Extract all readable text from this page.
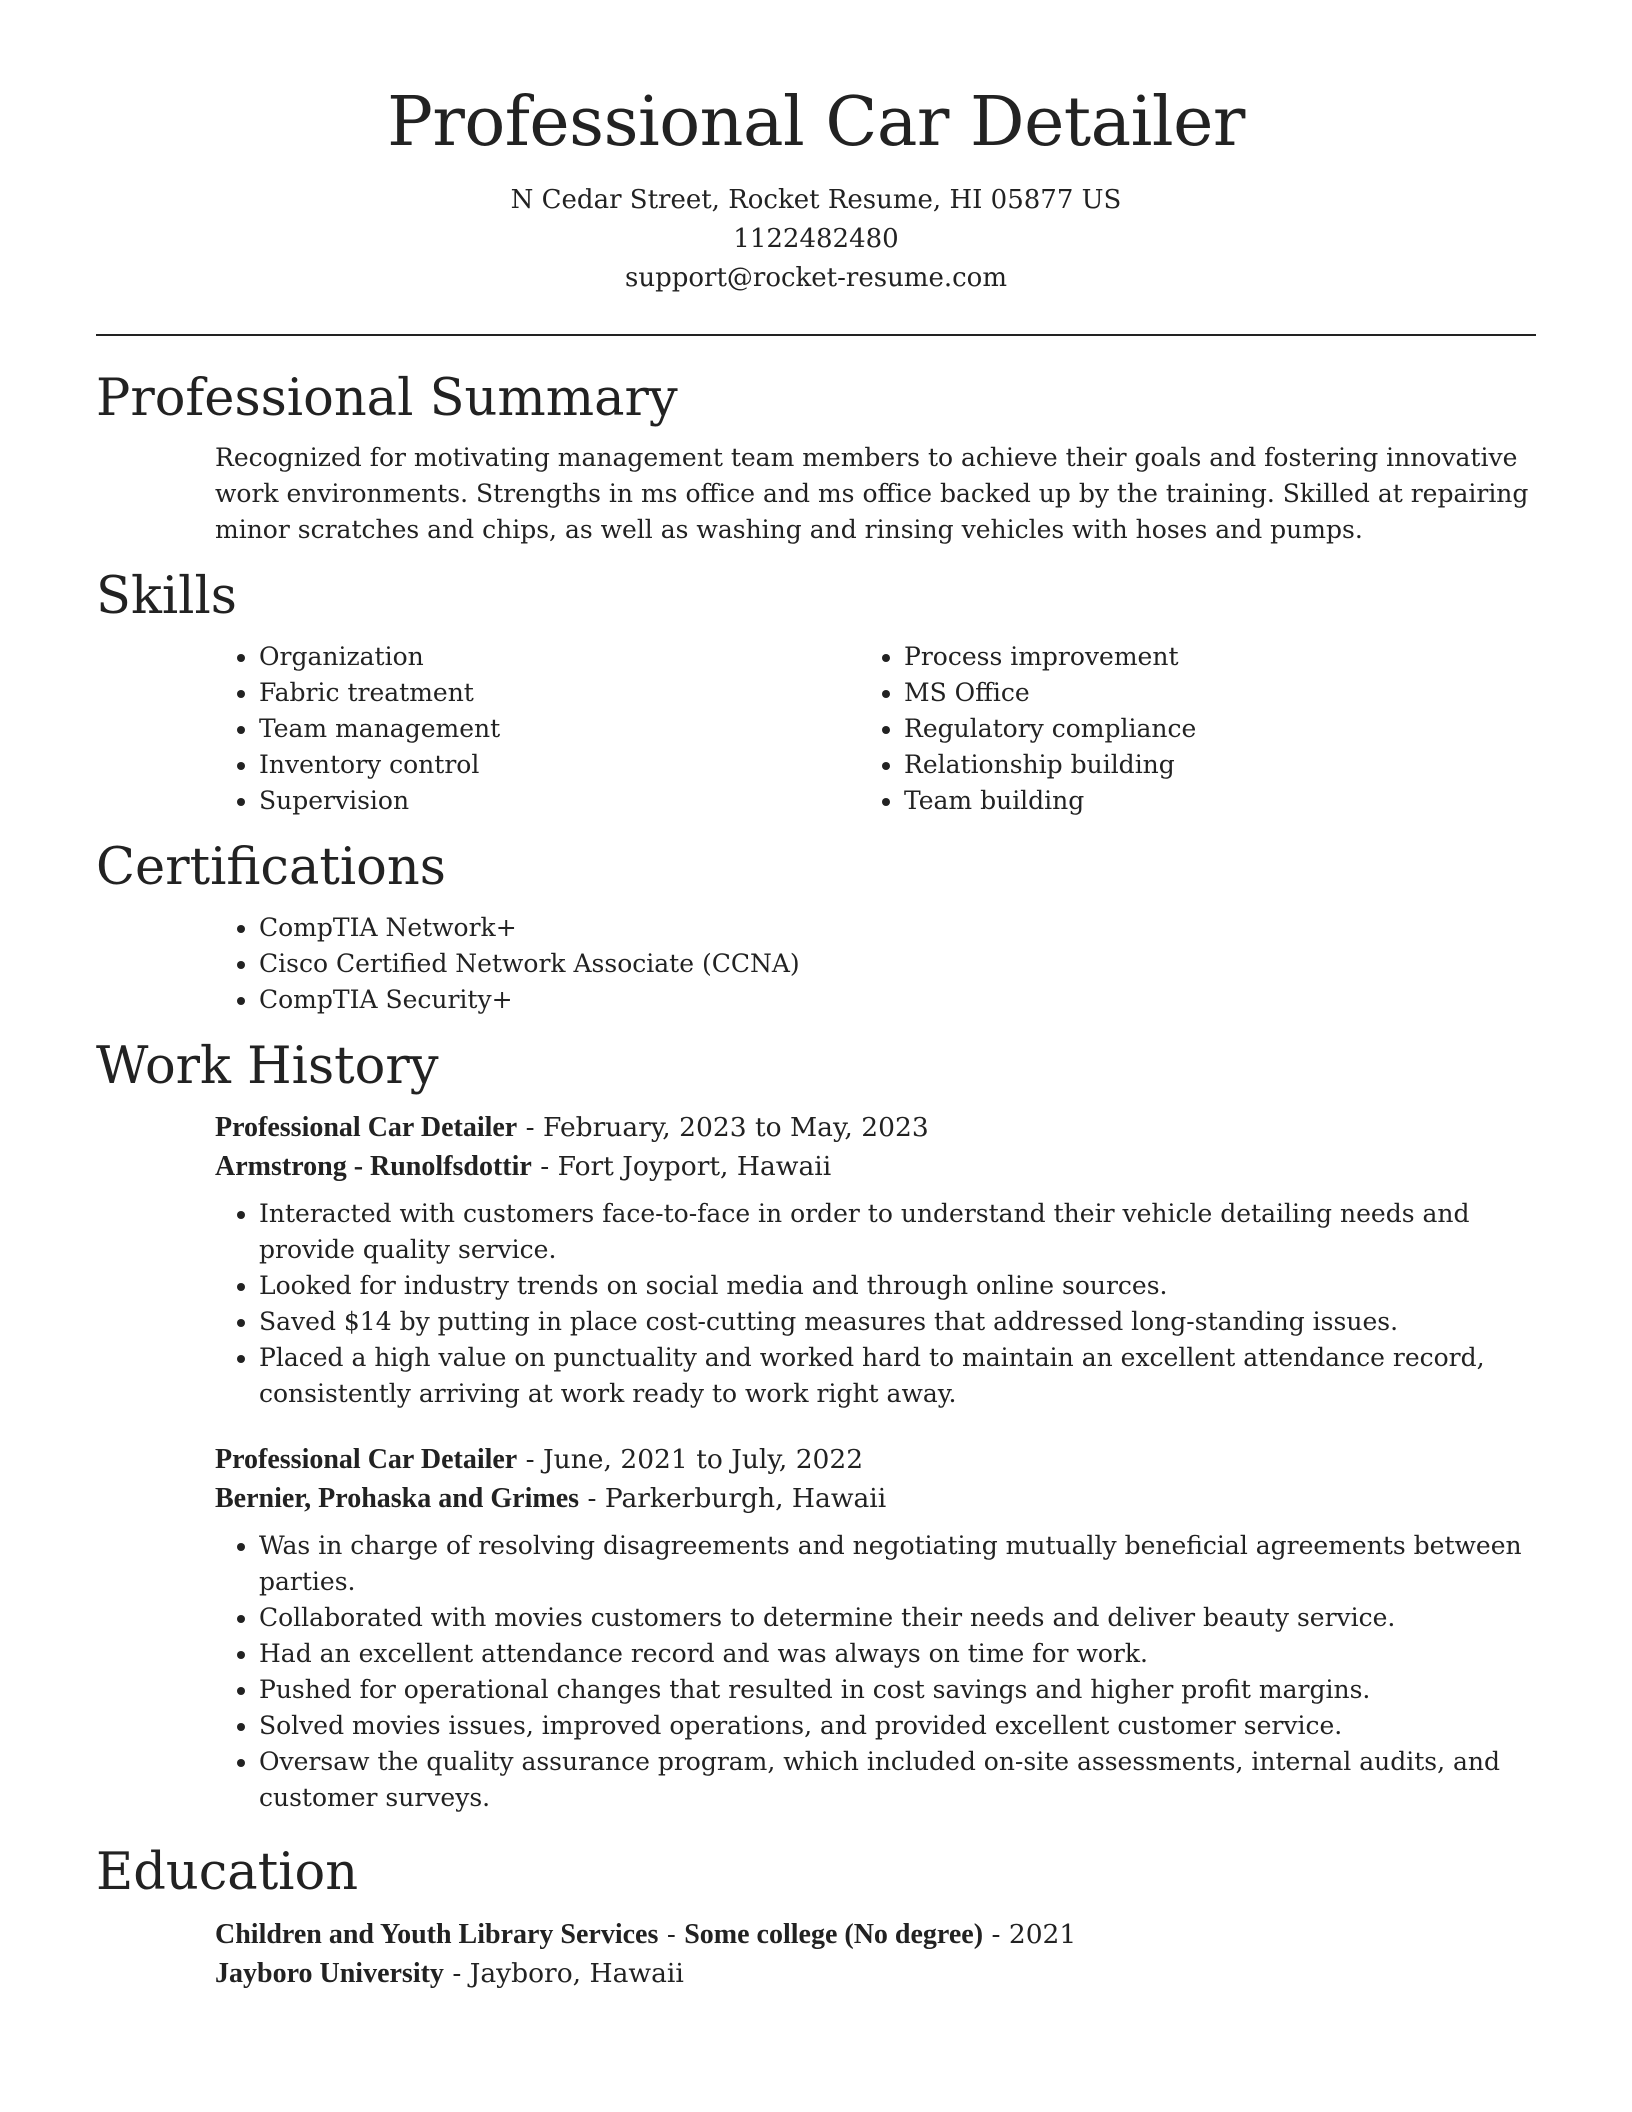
Professional Car Detailer
N Cedar Street, Rocket Resume, HI 05877 US
1122482480
support@rocket-resume.com
Professional Summary

Recognized for motivating management team members to achieve their goals and fostering innovative work environments. Strengths in ms office and ms office backed up by the training. Skilled at repairing minor scratches and chips, as well as washing and rinsing vehicles with hoses and pumps.

Skills
• Organization
• Fabric treatment
• Team management
• Inventory control
• Supervision
• Process improvement
• MS Office
• Regulatory compliance
• Relationship building
• Team building
Certifications
• CompTIA Network+
• Cisco Certified Network Associate (CCNA)
• CompTIA Security+
Work History
Professional Car Detailer - February, 2023 to May, 2023
Armstrong - Runolfsdottir - Fort Joyport, Hawaii
• Interacted with customers face-to-face in order to understand their vehicle detailing needs and provide quality service.
• Looked for industry trends on social media and through online sources.
• Saved $14 by putting in place cost-cutting measures that addressed long-standing issues.
• Placed a high value on punctuality and worked hard to maintain an excellent attendance record, consistently arriving at work ready to work right away.
Professional Car Detailer - June, 2021 to July, 2022
Bernier, Prohaska and Grimes - Parkerburgh, Hawaii
• Was in charge of resolving disagreements and negotiating mutually beneficial agreements between parties.
• Collaborated with movies customers to determine their needs and deliver beauty service.
• Had an excellent attendance record and was always on time for work.
• Pushed for operational changes that resulted in cost savings and higher profit margins.
• Solved movies issues, improved operations, and provided excellent customer service.
• Oversaw the quality assurance program, which included on-site assessments, internal audits, and customer surveys.
Education
Children and Youth Library Services - Some college (No degree) - 2021
Jayboro University - Jayboro, Hawaii
